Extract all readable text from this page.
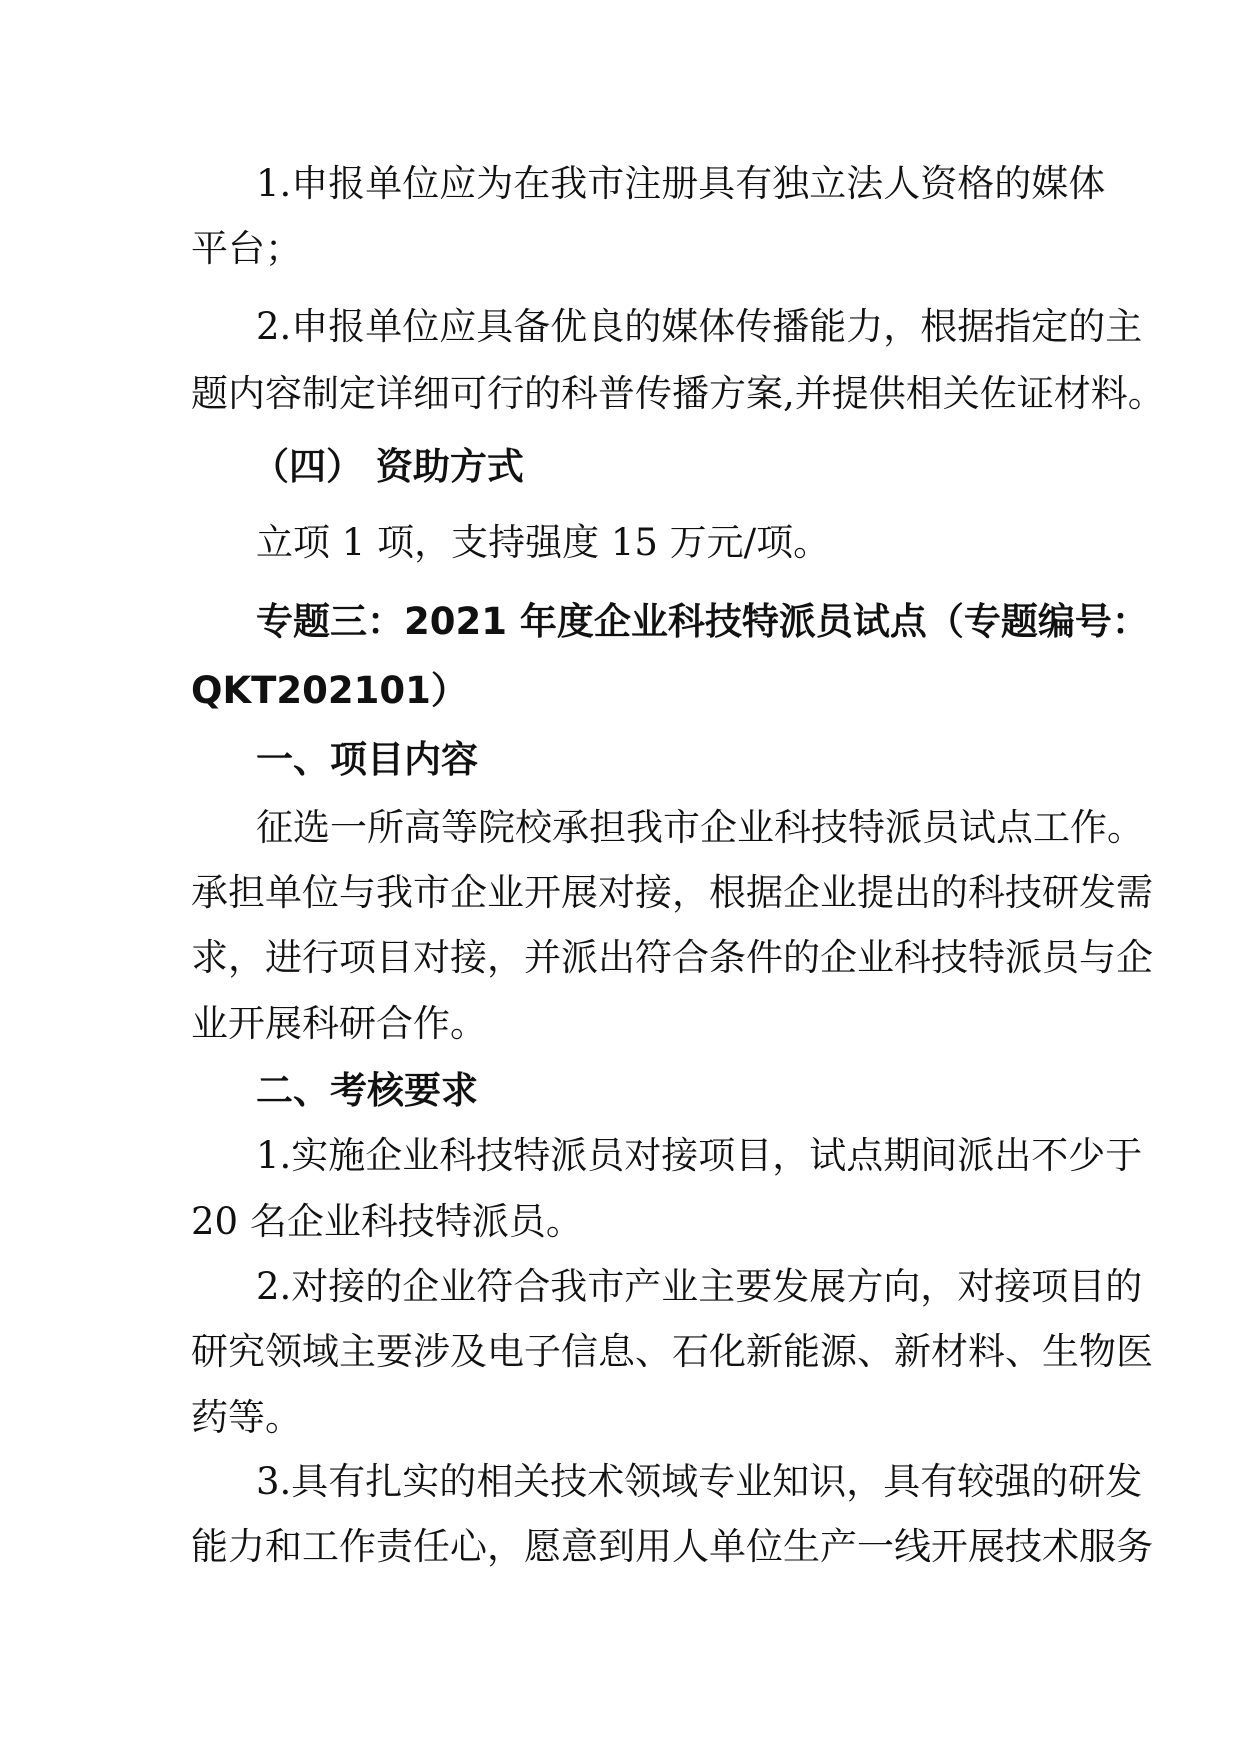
1.申报单位应为在我市注册具有独立法人资格的媒体
平台；
2.申报单位应具备优良的媒体传播能力，根据指定的主
题内容制定详细可行的科普传播方案,并提供相关佐证材料。
（四） 资助方式
立项 1 项，支持强度 15 万元/项。
专题三：2021 年度企业科技特派员试点（专题编号：
QKT202101）
一、项目内容
征选一所高等院校承担我市企业科技特派员试点工作。
承担单位与我市企业开展对接，根据企业提出的科技研发需
求，进行项目对接，并派出符合条件的企业科技特派员与企
业开展科研合作。
二、考核要求
1.实施企业科技特派员对接项目，试点期间派出不少于
20 名企业科技特派员。
2.对接的企业符合我市产业主要发展方向，对接项目的
研究领域主要涉及电子信息、石化新能源、新材料、生物医
药等。
3.具有扎实的相关技术领域专业知识，具有较强的研发
能力和工作责任心，愿意到用人单位生产一线开展技术服务
